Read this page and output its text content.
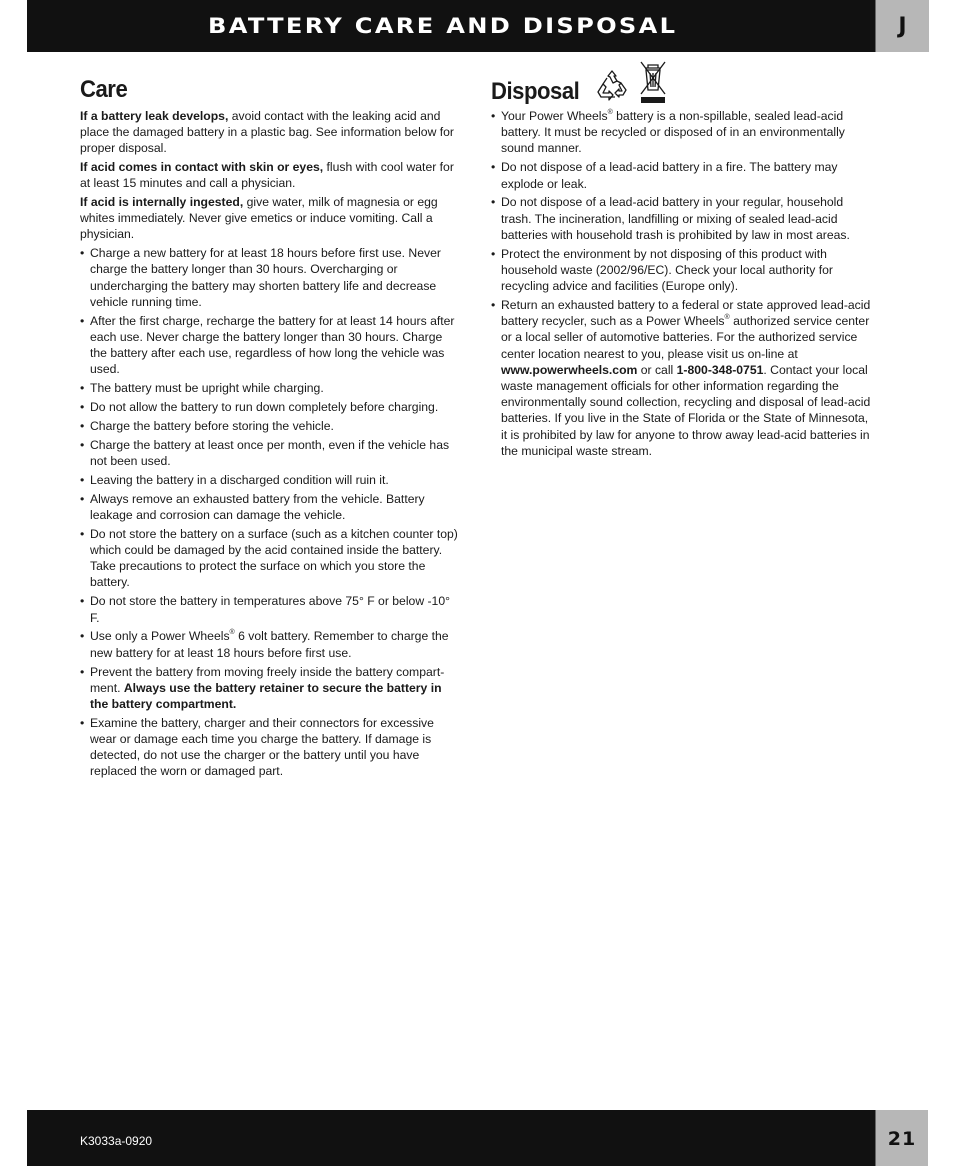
BATTERY CARE AND DISPOSAL	J
Care

If a battery leak develops, avoid contact with the leaking acid and place the damaged battery in a plastic bag. See information below for proper disposal.

If acid comes in contact with skin or eyes, flush with cool water for at least 15 minutes and call a physician.

If acid is internally ingested, give water, milk of magnesia or egg whites immediately. Never give emetics or induce vomiting. Call a physician.

• Charge a new battery for at least 18 hours before first use. Never charge the battery longer than 30 hours. Overcharging or undercharging the battery may shorten battery life and decrease vehicle running time.
• After the first charge, recharge the battery for at least 14 hours after each use. Never charge the battery longer than 30 hours. Charge the battery after each use, regardless of how long the vehicle was used.
• The battery must be upright while charging.
• Do not allow the battery to run down completely before charging.
• Charge the battery before storing the vehicle.
• Charge the battery at least once per month, even if the vehicle has not been used.
• Leaving the battery in a discharged condition will ruin it.
• Always remove an exhausted battery from the vehicle. Battery leakage and corrosion can damage the vehicle.
• Do not store the battery on a surface (such as a kitchen counter top) which could be damaged by the acid contained inside the battery. Take precautions to protect the surface on which you store the battery.
• Do not store the battery in temperatures above 75° F or below -10° F.
• Use only a Power Wheels® 6 volt battery. Remember to charge the new battery for at least 18 hours before first use.
• Prevent the battery from moving freely inside the battery compart-ment. Always use the battery retainer to secure the battery in the battery compartment.
• Examine the battery, charger and their connectors for excessive wear or damage each time you charge the battery. If damage is detected, do not use the charger or the battery until you have replaced the worn or damaged part.
Disposal
• Your Power Wheels® battery is a non-spillable, sealed lead-acid battery. It must be recycled or disposed of in an environmentally sound manner.
• Do not dispose of a lead-acid battery in a fire. The battery may explode or leak.
• Do not dispose of a lead-acid battery in your regular, household trash. The incineration, landfilling or mixing of sealed lead-acid batteries with household trash is prohibited by law in most areas.
• Protect the environment by not disposing of this product with household waste (2002/96/EC). Check your local authority for recycling advice and facilities (Europe only).
• Return an exhausted battery to a federal or state approved lead-acid battery recycler, such as a Power Wheels® authorized service center or a local seller of automotive batteries. For the authorized service center location nearest to you, please visit us on-line at www.powerwheels.com or call 1-800-348-0751. Contact your local waste management officials for other information regarding the environmentally sound collection, recycling and disposal of lead-acid batteries. If you live in the State of Florida or the State of Minnesota, it is prohibited by law for anyone to throw away lead-acid batteries in the municipal waste stream.
K3033a-0920	21
